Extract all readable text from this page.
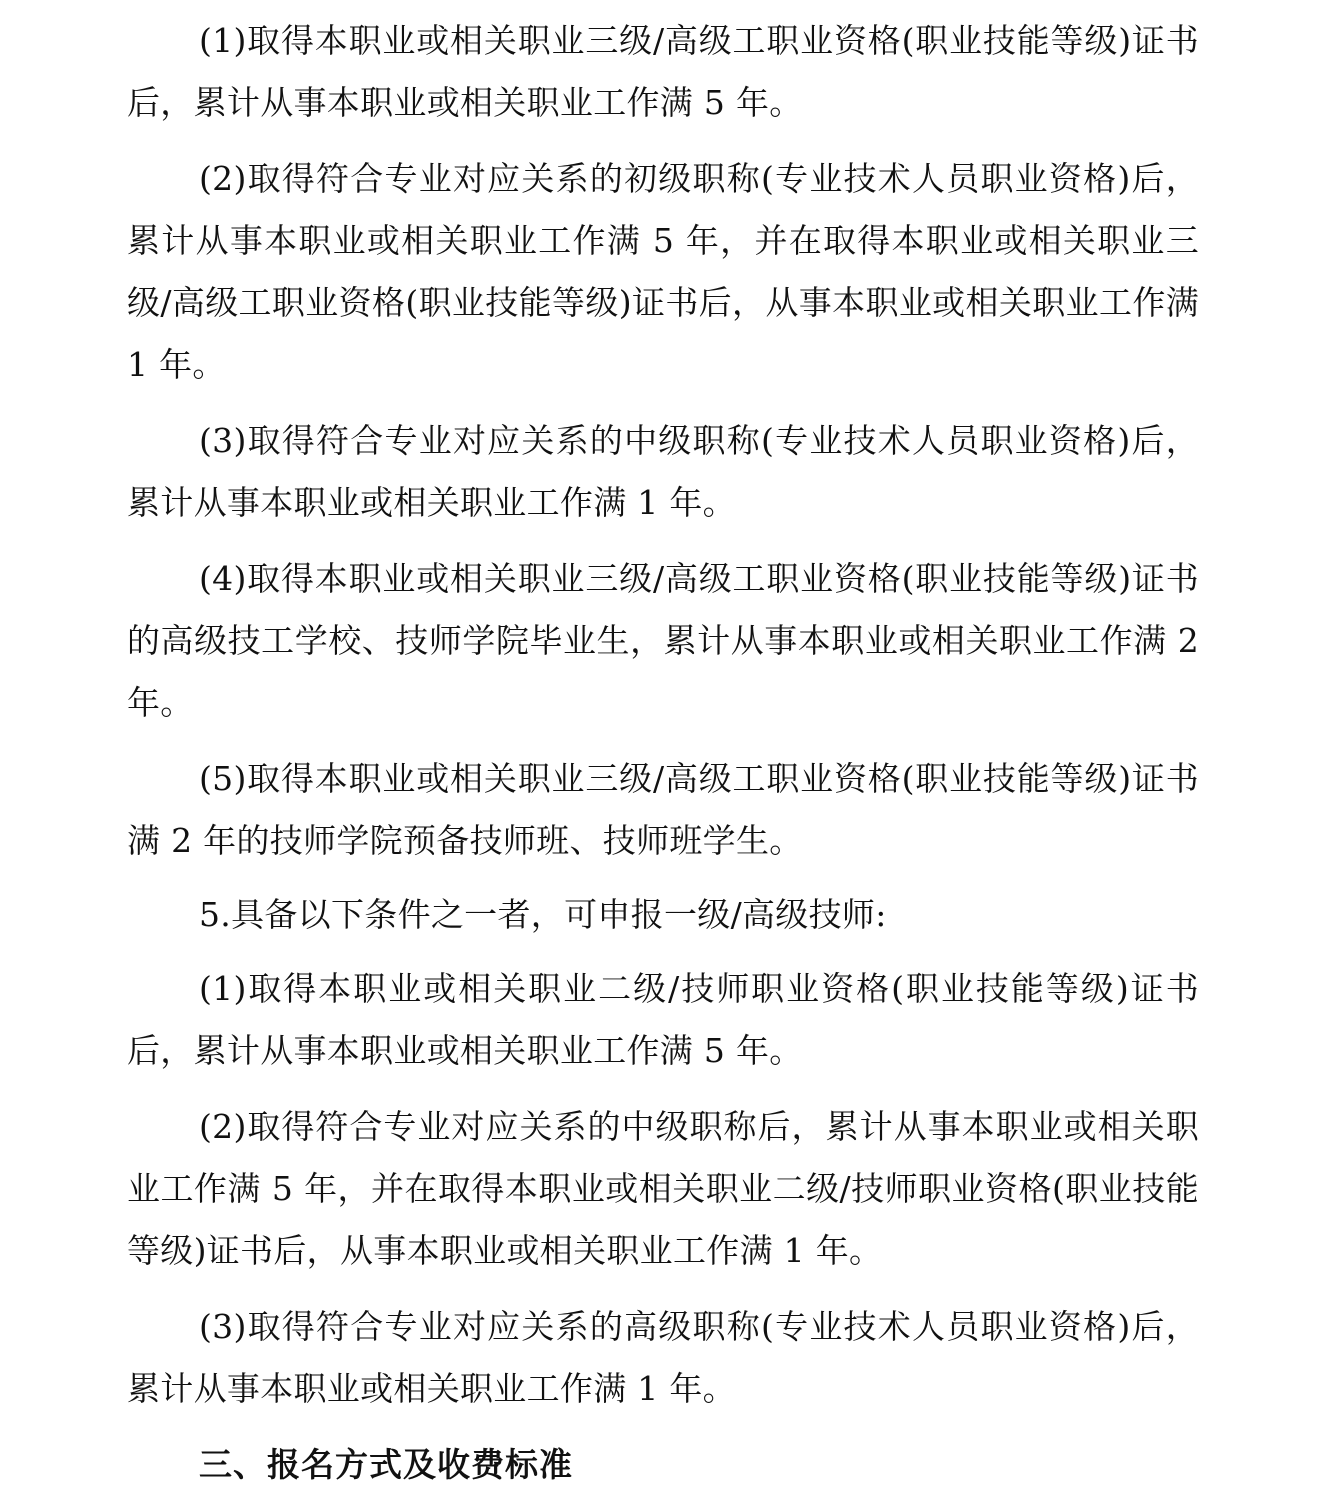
(1)取得本职业或相关职业三级/高级工职业资格(职业技能等级)证书后，累计从事本职业或相关职业工作满 5 年。

(2)取得符合专业对应关系的初级职称(专业技术人员职业资格)后，累计从事本职业或相关职业工作满 5 年，并在取得本职业或相关职业三级/高级工职业资格(职业技能等级)证书后，从事本职业或相关职业工作满 1 年。

(3)取得符合专业对应关系的中级职称(专业技术人员职业资格)后，累计从事本职业或相关职业工作满 1 年。

(4)取得本职业或相关职业三级/高级工职业资格(职业技能等级)证书的高级技工学校、技师学院毕业生，累计从事本职业或相关职业工作满 2 年。

(5)取得本职业或相关职业三级/高级工职业资格(职业技能等级)证书满 2 年的技师学院预备技师班、技师班学生。

5.具备以下条件之一者，可申报一级/高级技师:

(1)取得本职业或相关职业二级/技师职业资格(职业技能等级)证书后，累计从事本职业或相关职业工作满 5 年。

(2)取得符合专业对应关系的中级职称后，累计从事本职业或相关职业工作满 5 年，并在取得本职业或相关职业二级/技师职业资格(职业技能等级)证书后，从事本职业或相关职业工作满 1 年。

(3)取得符合专业对应关系的高级职称(专业技术人员职业资格)后，累计从事本职业或相关职业工作满 1 年。

三、报名方式及收费标准
